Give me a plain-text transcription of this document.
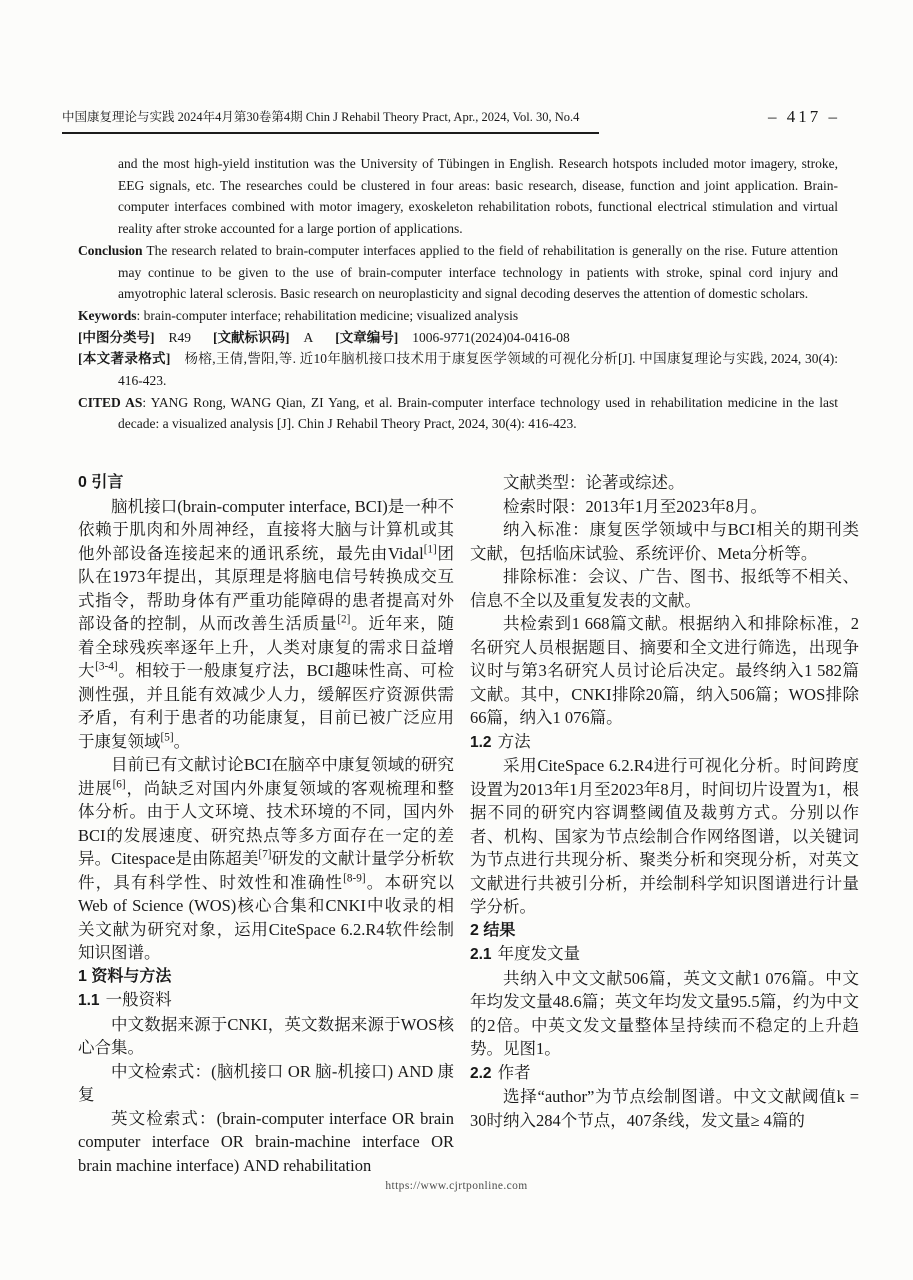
中国康复理论与实践 2024年4月第30卷第4期 Chin J Rehabil Theory Pract, Apr., 2024, Vol. 30, No.4	– 417 –

and the most high-yield institution was the University of Tübingen in English. Research hotspots included motor imagery, stroke, EEG signals, etc. The researches could be clustered in four areas: basic research, disease, function and joint application. Brain-computer interfaces combined with motor imagery, exoskeleton rehabilitation robots, functional electrical stimulation and virtual reality after stroke accounted for a large portion of applications.

Conclusion The research related to brain-computer interfaces applied to the field of rehabilitation is generally on the rise. Future attention may continue to be given to the use of brain-computer interface technology in patients with stroke, spinal cord injury and amyotrophic lateral sclerosis. Basic research on neuroplasticity and signal decoding deserves the attention of domestic scholars.

Keywords: brain-computer interface; rehabilitation medicine; visualized analysis

[中图分类号] R49 [文献标识码] A [文章编号] 1006-9771(2024)04-0416-08

[本文著录格式]　杨榕,王倩,訾阳,等. 近10年脑机接口技术用于康复医学领域的可视化分析[J]. 中国康复理论与实践, 2024, 30(4): 416-423.

CITED AS: YANG Rong, WANG Qian, ZI Yang, et al. Brain-computer interface technology used in rehabilitation medicine in the last decade: a visualized analysis [J]. Chin J Rehabil Theory Pract, 2024, 30(4): 416-423.

0 引言

脑机接口(brain-computer interface, BCI)是一种不依赖于肌肉和外周神经，直接将大脑与计算机或其他外部设备连接起来的通讯系统，最先由Vidal[1]团队在1973年提出，其原理是将脑电信号转换成交互式指令，帮助身体有严重功能障碍的患者提高对外部设备的控制，从而改善生活质量[2]。近年来，随着全球残疾率逐年上升，人类对康复的需求日益增大[3-4]。相较于一般康复疗法，BCI趣味性高、可检测性强，并且能有效减少人力，缓解医疗资源供需矛盾，有利于患者的功能康复，目前已被广泛应用于康复领域[5]。

目前已有文献讨论BCI在脑卒中康复领域的研究进展[6]，尚缺乏对国内外康复领域的客观梳理和整体分析。由于人文环境、技术环境的不同，国内外BCI的发展速度、研究热点等多方面存在一定的差异。Citespace是由陈超美[7]研发的文献计量学分析软件，具有科学性、时效性和准确性[8-9]。本研究以Web of Science (WOS)核心合集和CNKI中收录的相关文献为研究对象，运用CiteSpace 6.2.R4软件绘制知识图谱。

1 资料与方法

1.1 一般资料

中文数据来源于CNKI，英文数据来源于WOS核心合集。

中文检索式：(脑机接口 OR 脑-机接口) AND 康复

英文检索式：(brain-computer interface OR brain computer interface OR brain-machine interface OR brain machine interface) AND rehabilitation

文献类型：论著或综述。

检索时限：2013年1月至2023年8月。

纳入标准：康复医学领域中与BCI相关的期刊类文献，包括临床试验、系统评价、Meta分析等。

排除标准：会议、广告、图书、报纸等不相关、信息不全以及重复发表的文献。

共检索到1 668篇文献。根据纳入和排除标准，2名研究人员根据题目、摘要和全文进行筛选，出现争议时与第3名研究人员讨论后决定。最终纳入1 582篇文献。其中，CNKI排除20篇，纳入506篇；WOS排除66篇，纳入1 076篇。

1.2 方法

采用CiteSpace 6.2.R4进行可视化分析。时间跨度设置为2013年1月至2023年8月，时间切片设置为1，根据不同的研究内容调整阈值及裁剪方式。分别以作者、机构、国家为节点绘制合作网络图谱，以关键词为节点进行共现分析、聚类分析和突现分析，对英文文献进行共被引分析，并绘制科学知识图谱进行计量学分析。

2 结果

2.1 年度发文量

共纳入中文文献506篇，英文文献1 076篇。中文年均发文量48.6篇；英文年均发文量95.5篇，约为中文的2倍。中英文发文量整体呈持续而不稳定的上升趋势。见图1。

2.2 作者

选择“author”为节点绘制图谱。中文文献阈值k = 30时纳入284个节点，407条线，发文量≥ 4篇的

https://www.cjrtponline.com
